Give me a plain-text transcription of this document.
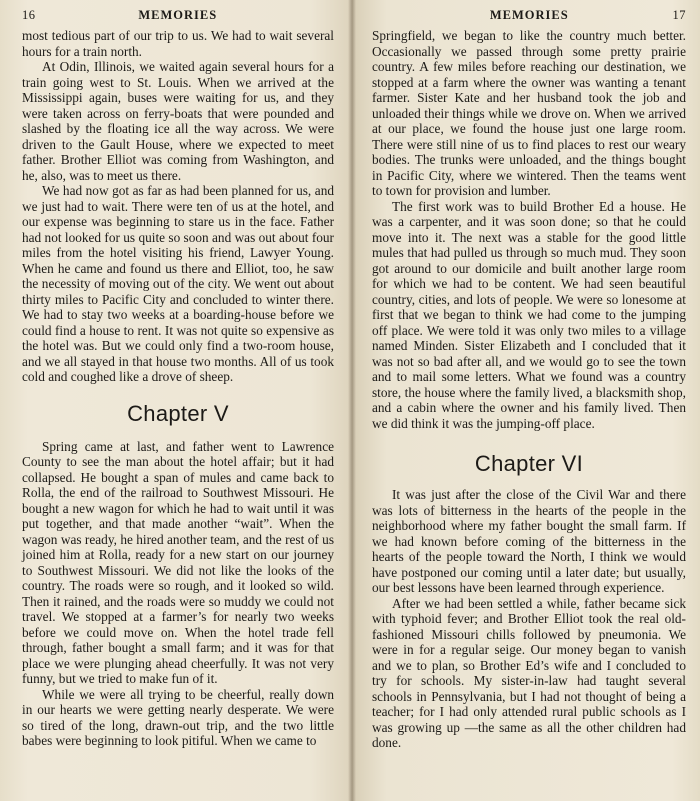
16	MEMORIES

most tedious part of our trip to us. We had to wait several hours for a train north.

At Odin, Illinois, we waited again several hours for a train going west to St. Louis. When we arrived at the Mississippi again, buses were waiting for us, and they were taken across on ferry-boats that were pounded and slashed by the floating ice all the way across. We were driven to the Gault House, where we expected to meet father. Brother Elliot was coming from Washington, and he, also, was to meet us there.

We had now got as far as had been planned for us, and we just had to wait. There were ten of us at the hotel, and our expense was beginning to stare us in the face. Father had not looked for us quite so soon and was out about four miles from the hotel visiting his friend, Lawyer Young. When he came and found us there and Elliot, too, he saw the necessity of moving out of the city. We went out about thirty miles to Pacific City and concluded to winter there. We had to stay two weeks at a boarding-house before we could find a house to rent. It was not quite so expensive as the hotel was. But we could only find a two-room house, and we all stayed in that house two months. All of us took cold and coughed like a drove of sheep.

Chapter V

Spring came at last, and father went to Lawrence County to see the man about the hotel affair; but it had collapsed. He bought a span of mules and came back to Rolla, the end of the railroad to Southwest Missouri. He bought a new wagon for which he had to wait until it was put together, and that made another “wait”. When the wagon was ready, he hired another team, and the rest of us joined him at Rolla, ready for a new start on our journey to Southwest Missouri. We did not like the looks of the country. The roads were so rough, and it looked so wild. Then it rained, and the roads were so muddy we could not travel. We stopped at a farmer’s for nearly two weeks before we could move on. When the hotel trade fell through, father bought a small farm; and it was for that place we were plunging ahead cheerfully. It was not very funny, but we tried to make fun of it.

While we were all trying to be cheerful, really down in our hearts we were getting nearly desperate. We were so tired of the long, drawn-out trip, and the two little babes were beginning to look pitiful. When we came to

MEMORIES	17

Springfield, we began to like the country much better. Occasionally we passed through some pretty prairie country. A few miles before reaching our destination, we stopped at a farm where the owner was wanting a tenant farmer. Sister Kate and her husband took the job and unloaded their things while we drove on. When we arrived at our place, we found the house just one large room. There were still nine of us to find places to rest our weary bodies. The trunks were unloaded, and the things bought in Pacific City, where we wintered. Then the teams went to town for provision and lumber.

The first work was to build Brother Ed a house. He was a carpenter, and it was soon done; so that he could move into it. The next was a stable for the good little mules that had pulled us through so much mud. They soon got around to our domicile and built another large room for which we had to be content. We had seen beautiful country, cities, and lots of people. We were so lonesome at first that we began to think we had come to the jumping off place. We were told it was only two miles to a village named Minden. Sister Elizabeth and I concluded that it was not so bad after all, and we would go to see the town and to mail some letters. What we found was a country store, the house where the family lived, a blacksmith shop, and a cabin where the owner and his family lived. Then we did think it was the jumping-off place.

Chapter VI

It was just after the close of the Civil War and there was lots of bitterness in the hearts of the people in the neighborhood where my father bought the small farm. If we had known before coming of the bitterness in the hearts of the people toward the North, I think we would have postponed our coming until a later date; but usually, our best lessons have been learned through experience.

After we had been settled a while, father became sick with typhoid fever; and Brother Elliot took the real old-fashioned Missouri chills followed by pneumonia. We were in for a regular seige. Our money began to vanish and we to plan, so Brother Ed’s wife and I concluded to try for schools. My sister-in-law had taught several schools in Pennsylvania, but I had not thought of being a teacher; for I had only attended rural public schools as I was growing up —the same as all the other children had done.
